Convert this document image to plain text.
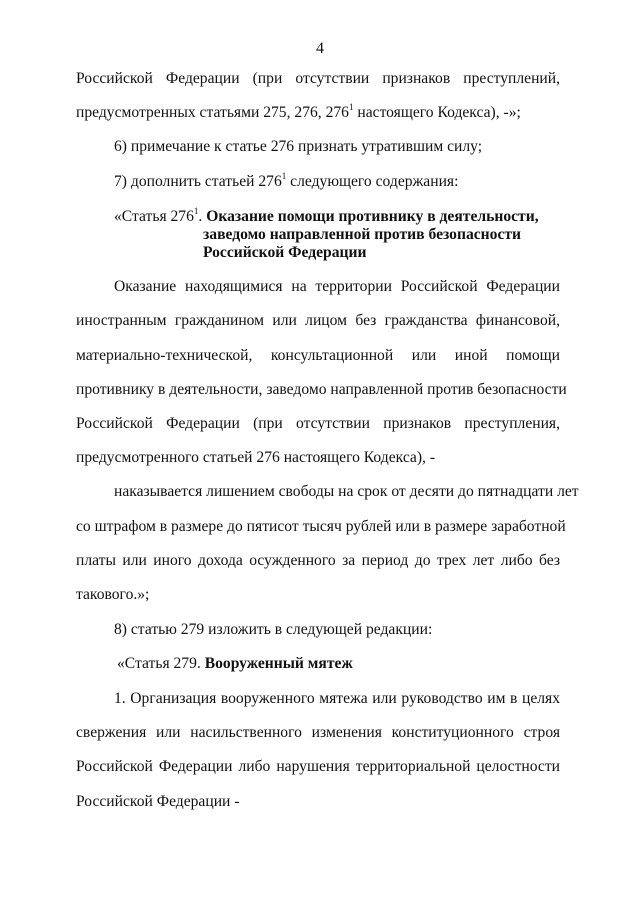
4
Российской Федерации (при отсутствии признаков преступлений,
предусмотренных статьями 275, 276, $276^1$ настоящего Кодекса), -»;
6) примечание к статье 276 признать утратившим силу;
7) дополнить статьей $276^1$ следующего содержания:
«Статья $276^1$. Оказание помощи противнику в деятельности,
заведомо направленной против безопасности
Российской Федерации
Оказание находящимися на территории Российской Федерации
иностранным гражданином или лицом без гражданства финансовой,
материально-технической, консультационной или иной помощи
противнику в деятельности, заведомо направленной против безопасности
Российской Федерации (при отсутствии признаков преступления,
предусмотренного статьей 276 настоящего Кодекса), -
наказывается лишением свободы на срок от десяти до пятнадцати лет
со штрафом в размере до пятисот тысяч рублей или в размере заработной
платы или иного дохода осужденного за период до трех лет либо без
такового.»;
8) статью 279 изложить в следующей редакции:
«Статья 279. Вооруженный мятеж
1. Организация вооруженного мятежа или руководство им в целях
свержения или насильственного изменения конституционного строя
Российской Федерации либо нарушения территориальной целостности
Российской Федерации -
